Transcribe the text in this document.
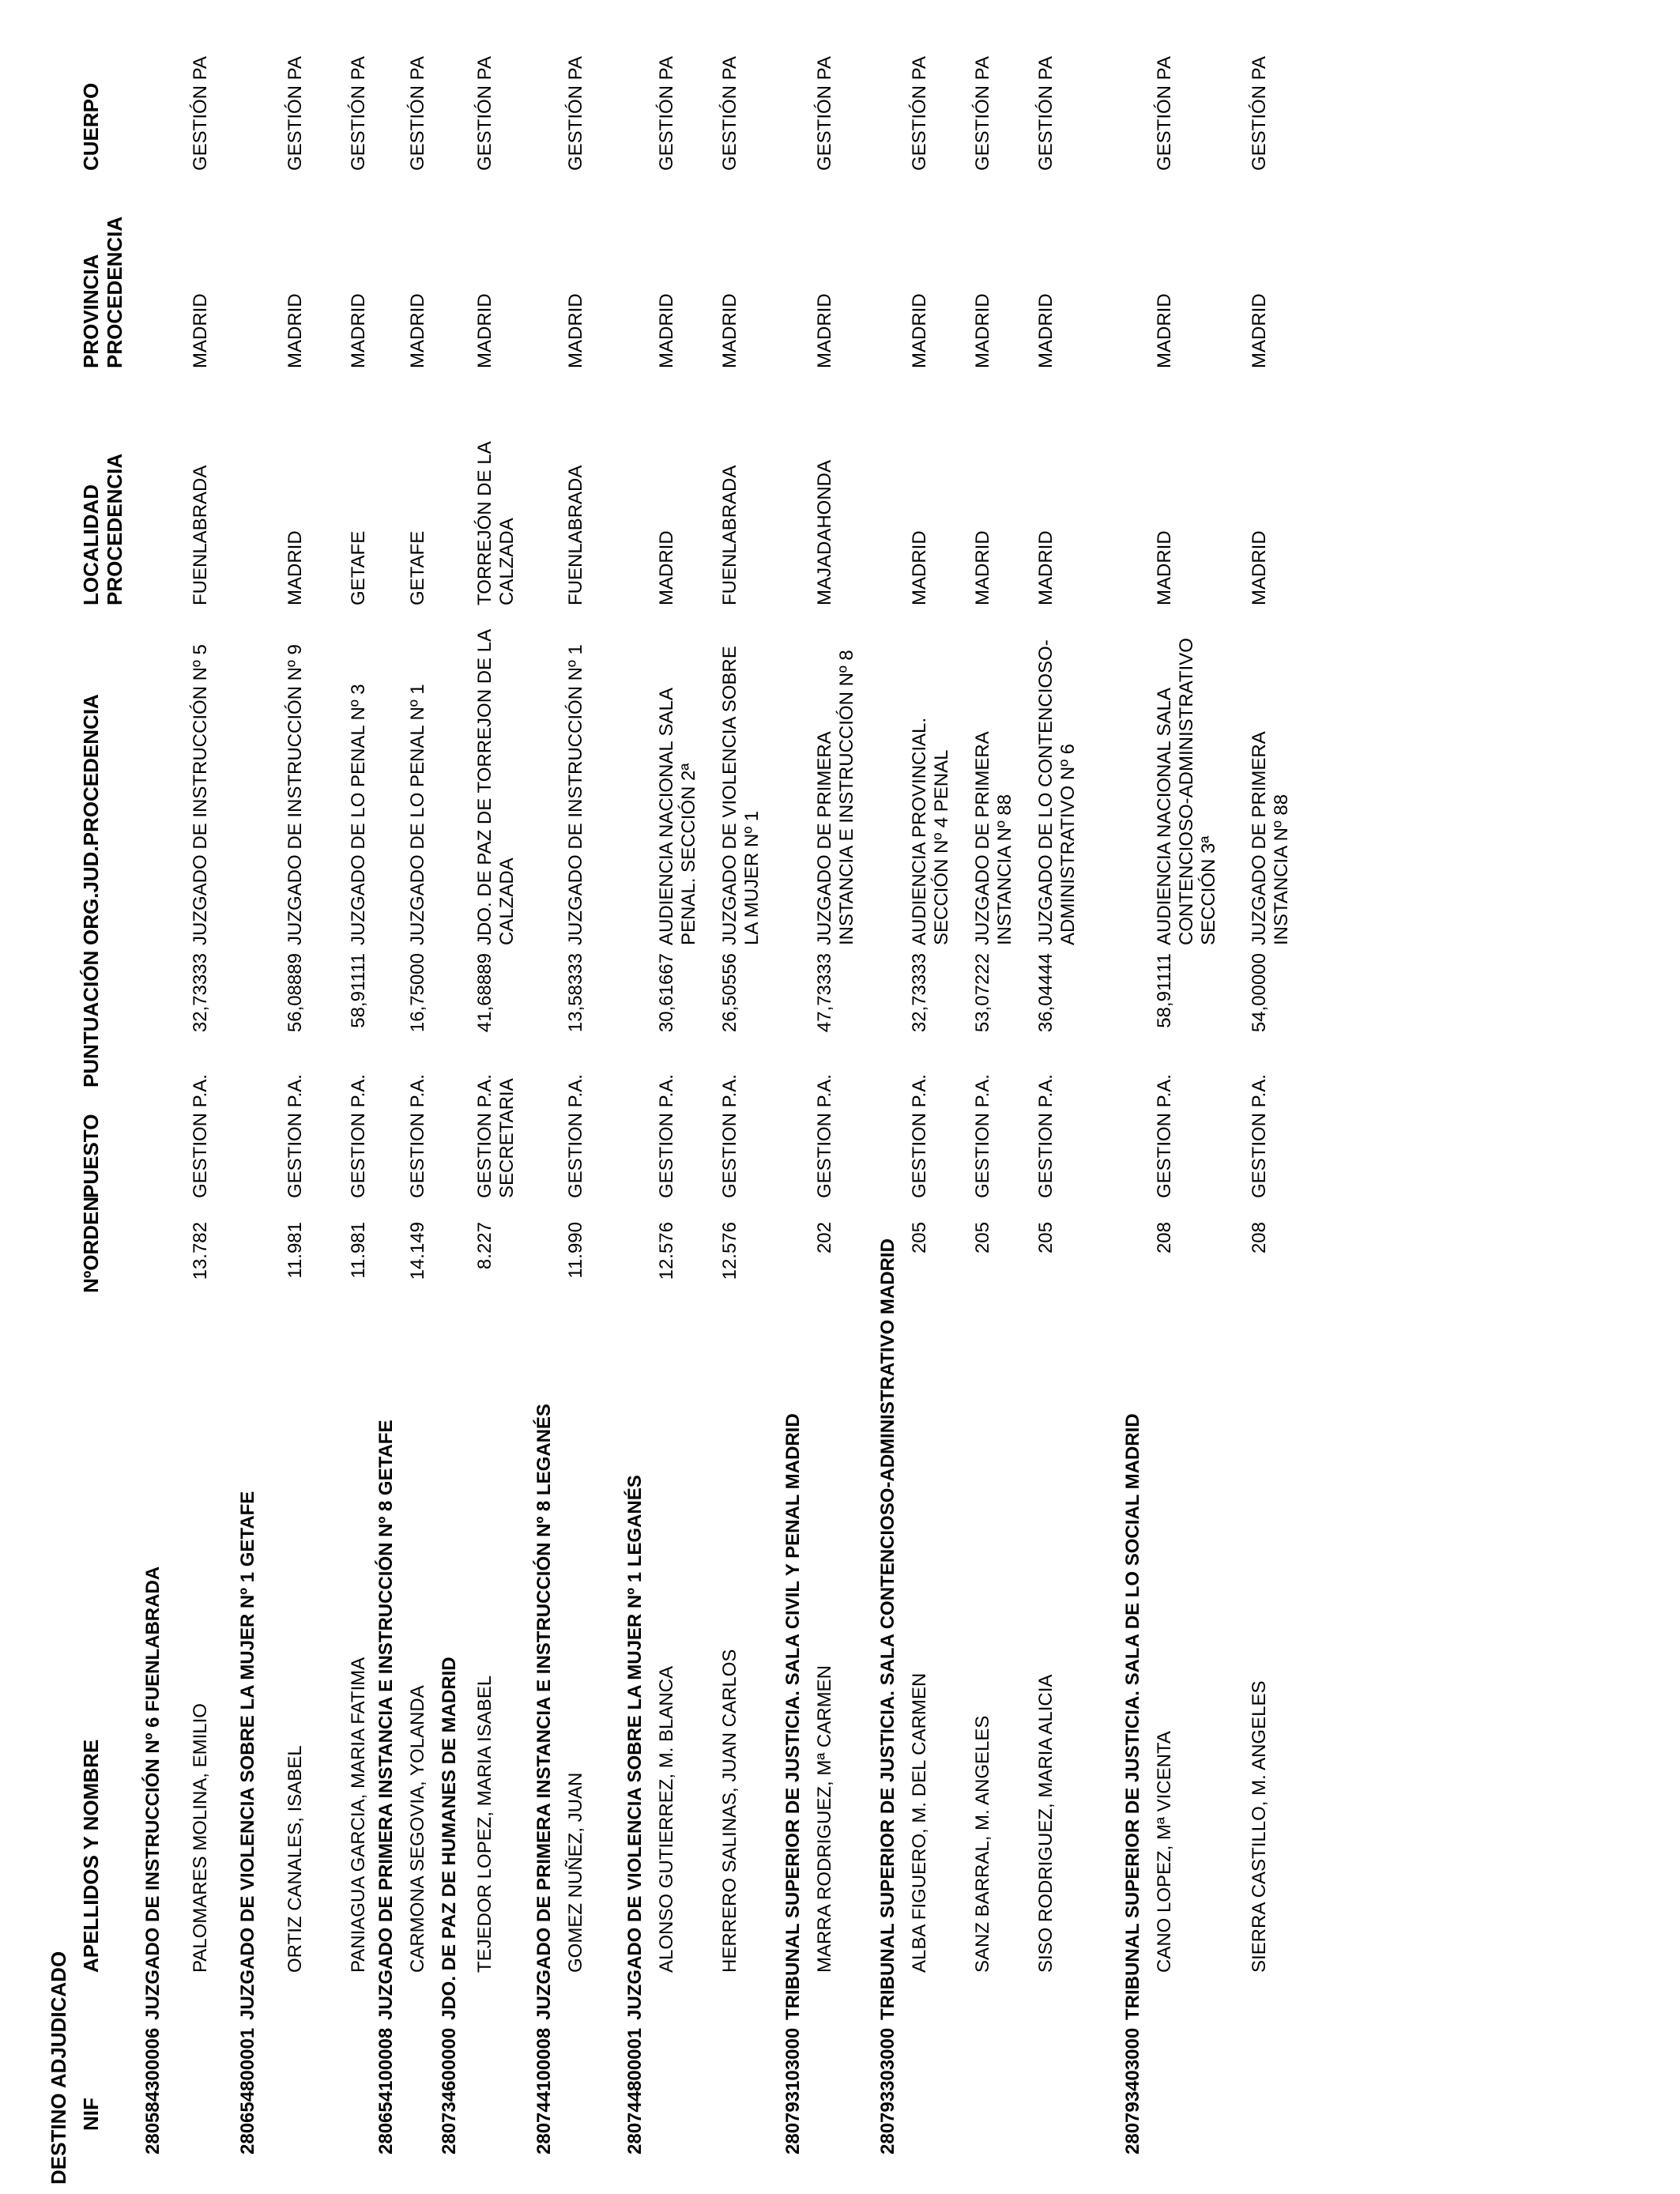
DESTINO ADJUDICADO NIF
APELLIDOS Y NOMBRE
NºORDEN
PUESTO
PUNTUACIÓN
ORG.JUD.PROCEDENCIA
LOCALIDAD PROCEDENCIA
PROVINCIA PROCEDENCIA
CUERPO
280584300006
JUZGADO DE INSTRUCCIÓN Nº 6 FUENLABRADA PALOMARES MOLINA, EMILIO
13.782
GESTION P.A.
32,73333
JUZGADO DE INSTRUCCIÓN Nº 5
FUENLABRADA
MADRID
GESTIÓN PA
280654800001
JUZGADO DE VIOLENCIA SOBRE LA MUJER Nº 1 GETAFE ORTIZ CANALES, ISABEL
11.981
GESTION P.A.
56,08889
JUZGADO DE INSTRUCCIÓN Nº 9
MADRID
MADRID
GESTIÓN PA
PANIAGUA GARCIA, MARIA FATIMA
11.981
GESTION P.A.
58,91111
JUZGADO DE LO PENAL Nº 3
GETAFE
MADRID
GESTIÓN PA
280654100008
JUZGADO DE PRIMERA INSTANCIA E INSTRUCCIÓN Nº 8 GETAFE CARMONA SEGOVIA, YOLANDA
14.149
GESTION P.A.
16,75000
JUZGADO DE LO PENAL Nº 1
GETAFE
MADRID
GESTIÓN PA
280734600000
JDO. DE PAZ DE HUMANES DE MADRID TEJEDOR LOPEZ, MARIA ISABEL
8.227
GESTION P.A. SECRETARIA
41,68889
JDO. DE PAZ DE TORREJON DE LA CALZADA
TORREJÓN DE LA CALZADA
MADRID
GESTIÓN PA
280744100008
JUZGADO DE PRIMERA INSTANCIA E INSTRUCCIÓN Nº 8 LEGANÉS GOMEZ NUÑEZ, JUAN
11.990
GESTION P.A.
13,58333
JUZGADO DE INSTRUCCIÓN Nº 1
FUENLABRADA
MADRID
GESTIÓN PA
280744800001
JUZGADO DE VIOLENCIA SOBRE LA MUJER Nº 1 LEGANÉS ALONSO GUTIERREZ, M. BLANCA
12.576
GESTION P.A.
30,61667
AUDIENCIA NACIONAL SALA PENAL. SECCIÓN 2ª
MADRID
MADRID
GESTIÓN PA
HERRERO SALINAS, JUAN CARLOS
12.576
GESTION P.A.
26,50556
JUZGADO DE VIOLENCIA SOBRE LA MUJER Nº 1
FUENLABRADA
MADRID
GESTIÓN PA
280793103000
TRIBUNAL SUPERIOR DE JUSTICIA. SALA CIVIL Y PENAL MADRID MARRA RODRIGUEZ, Mª CARMEN
202
GESTION P.A.
47,73333
JUZGADO DE PRIMERA INSTANCIA E INSTRUCCIÓN Nº 8
MAJADAHONDA
MADRID
GESTIÓN PA
280793303000
TRIBUNAL SUPERIOR DE JUSTICIA. SALA CONTENCIOSO-ADMINISTRATIVO MADRID ALBA FIGUERO, M. DEL CARMEN
205
GESTION P.A.
32,73333
AUDIENCIA PROVINCIAL. SECCIÓN Nº 4 PENAL
MADRID
MADRID
GESTIÓN PA
SANZ BARRAL, M. ANGELES
205
GESTION P.A.
53,07222
JUZGADO DE PRIMERA INSTANCIA Nº 88
MADRID
MADRID
GESTIÓN PA
SISO RODRIGUEZ, MARIA ALICIA
205
GESTION P.A.
36,04444
JUZGADO DE LO CONTENCIOSO-ADMINISTRATIVO Nº 6
MADRID
MADRID
GESTIÓN PA
280793403000
TRIBUNAL SUPERIOR DE JUSTICIA. SALA DE LO SOCIAL MADRID CANO LOPEZ, Mª VICENTA
208
GESTION P.A.
58,91111
AUDIENCIA NACIONAL SALA CONTENCIOSO-ADMINISTRATIVO SECCIÓN 3ª
MADRID
MADRID
GESTIÓN PA
SIERRA CASTILLO, M. ANGELES
208
GESTION P.A.
54,00000
JUZGADO DE PRIMERA INSTANCIA Nº 88
MADRID
MADRID
GESTIÓN PA
